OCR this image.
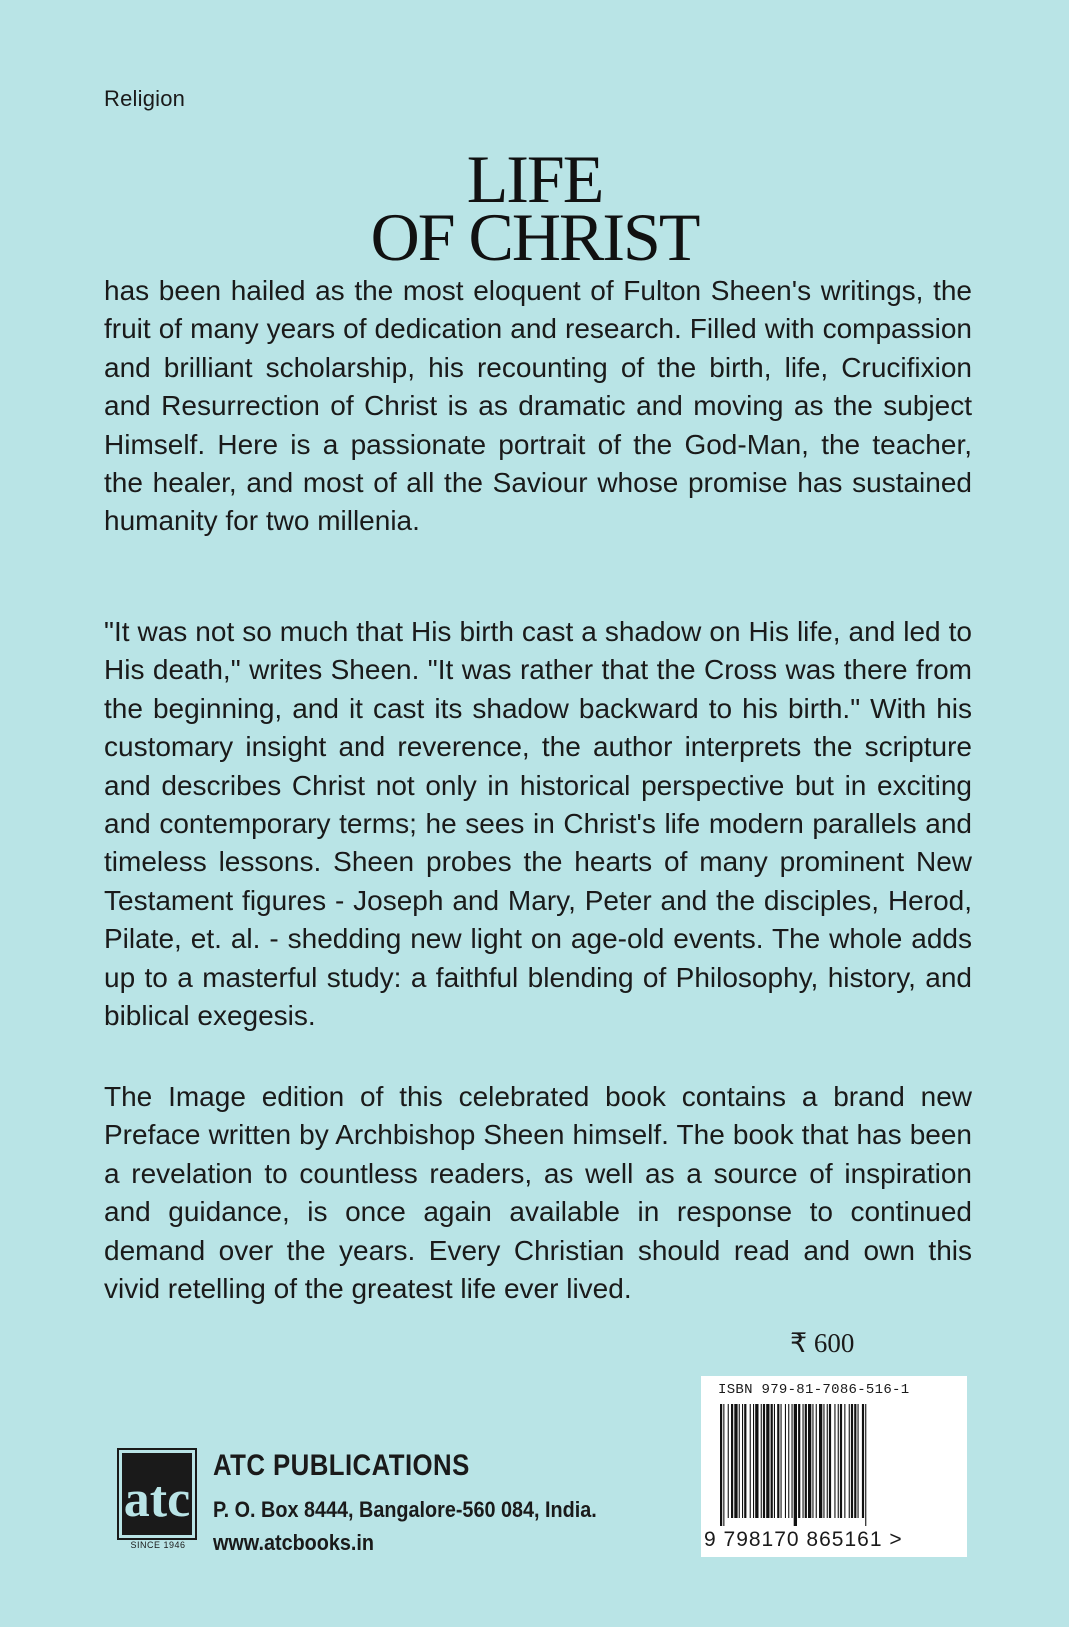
Religion
LIFE
OF CHRIST

has been hailed as the most eloquent of Fulton Sheen's writings, the fruit of many years of dedication and research. Filled with compassion and brilliant scholarship, his recounting of the birth, life, Crucifixion and Resurrection of Christ is as dramatic and moving as the subject Himself. Here is a passionate portrait of the God-Man, the teacher, the healer, and most of all the Saviour whose promise has sustained humanity for two millenia.

"It was not so much that His birth cast a shadow on His life, and led to His death," writes Sheen. "It was rather that the Cross was there from the beginning, and it cast its shadow backward to his birth." With his customary insight and reverence, the author interprets the scripture and describes Christ not only in historical perspective but in exciting and contemporary terms; he sees in Christ's life modern parallels and timeless lessons. Sheen probes the hearts of many prominent New Testament figures - Joseph and Mary, Peter and the disciples, Herod, Pilate, et. al. - shedding new light on age-old events. The whole adds up to a masterful study: a faithful blending of Philosophy, history, and biblical exegesis.

The Image edition of this celebrated book contains a brand new Preface written by Archbishop Sheen himself. The book that has been a revelation to countless readers, as well as a source of inspiration and guidance, is once again available in response to continued demand over the years. Every Christian should read and own this vivid retelling of the greatest life ever lived.

₹ 600
ISBN 979-81-7086-516-1
9 798170 865161 >
atc
SINCE 1946
ATC PUBLICATIONS
P. O. Box 8444, Bangalore-560 084, India.
www.atcbooks.in
